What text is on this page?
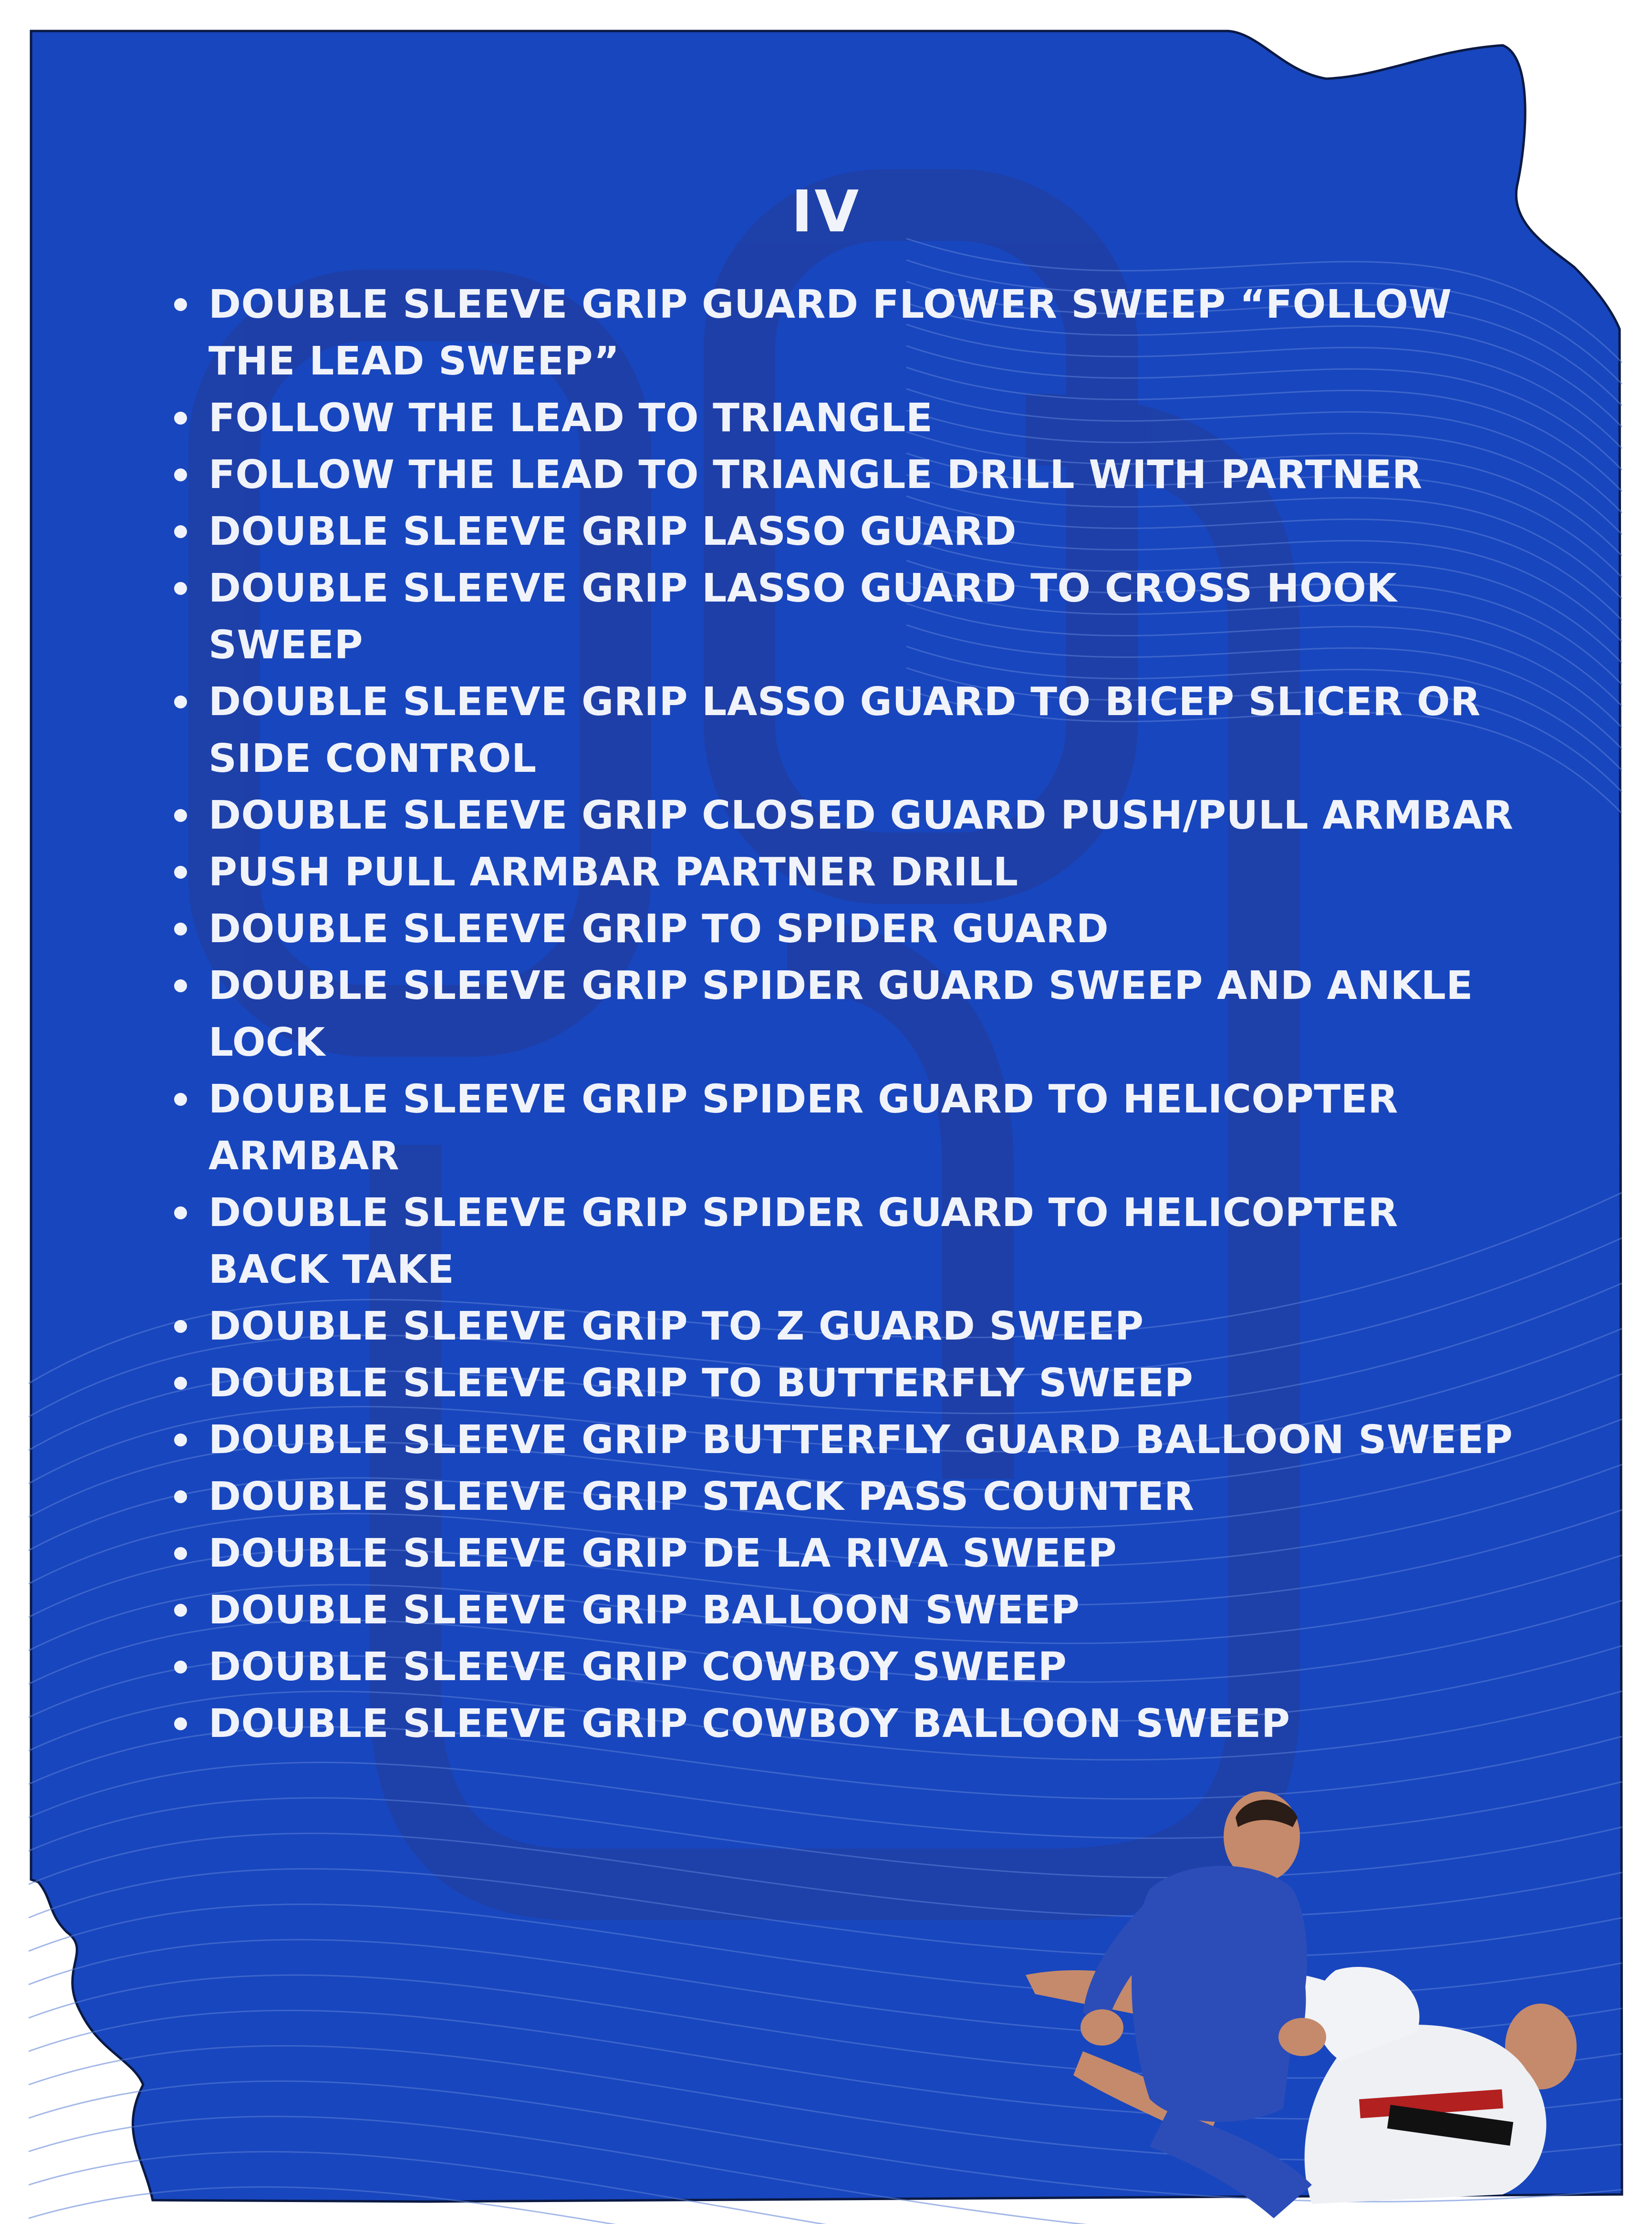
IV
DOUBLE SLEEVE GRIP GUARD FLOWER SWEEP “FOLLOW THE LEAD SWEEP”
FOLLOW THE LEAD TO TRIANGLE
FOLLOW THE LEAD TO TRIANGLE DRILL WITH PARTNER
DOUBLE SLEEVE GRIP LASSO GUARD
DOUBLE SLEEVE GRIP LASSO GUARD TO CROSS HOOK SWEEP
DOUBLE SLEEVE GRIP LASSO GUARD TO BICEP SLICER OR SIDE CONTROL
DOUBLE SLEEVE GRIP CLOSED GUARD PUSH/PULL ARMBAR
PUSH PULL ARMBAR PARTNER DRILL
DOUBLE SLEEVE GRIP TO SPIDER GUARD
DOUBLE SLEEVE GRIP SPIDER GUARD SWEEP AND ANKLE LOCK
DOUBLE SLEEVE GRIP SPIDER GUARD TO HELICOPTER ARMBAR
DOUBLE SLEEVE GRIP SPIDER GUARD TO HELICOPTER BACK TAKE
DOUBLE SLEEVE GRIP TO Z GUARD SWEEP
DOUBLE SLEEVE GRIP TO BUTTERFLY SWEEP
DOUBLE SLEEVE GRIP BUTTERFLY GUARD BALLOON SWEEP
DOUBLE SLEEVE GRIP STACK PASS COUNTER
DOUBLE SLEEVE GRIP DE LA RIVA SWEEP
DOUBLE SLEEVE GRIP BALLOON SWEEP
DOUBLE SLEEVE GRIP COWBOY SWEEP
DOUBLE SLEEVE GRIP COWBOY BALLOON SWEEP
